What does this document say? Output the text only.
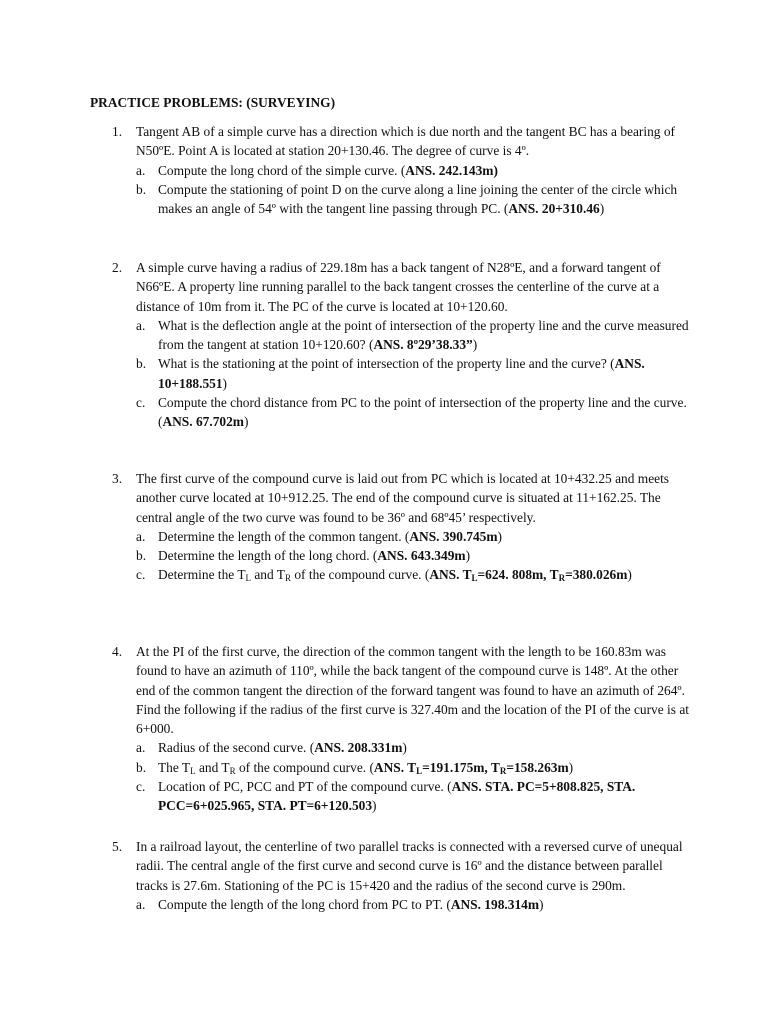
PRACTICE PROBLEMS: (SURVEYING)
1.	Tangent AB of a simple curve has a direction which is due north and the tangent BC has a bearing of N50ºE. Point A is located at station 20+130.46. The degree of curve is 4º.
a. Compute the long chord of the simple curve. (ANS. 242.143m)
b. Compute the stationing of point D on the curve along a line joining the center of the circle which makes an angle of 54º with the tangent line passing through PC. (ANS. 20+310.46)
2.	A simple curve having a radius of 229.18m has a back tangent of N28ºE, and a forward tangent of N66ºE. A property line running parallel to the back tangent crosses the centerline of the curve at a distance of 10m from it. The PC of the curve is located at 10+120.60.
a. What is the deflection angle at the point of intersection of the property line and the curve measured from the tangent at station 10+120.60? (ANS. 8º29’38.33”)
b. What is the stationing at the point of intersection of the property line and the curve? (ANS. 10+188.551)
c. Compute the chord distance from PC to the point of intersection of the property line and the curve. (ANS. 67.702m)
3.	The first curve of the compound curve is laid out from PC which is located at 10+432.25 and meets another curve located at 10+912.25. The end of the compound curve is situated at 11+162.25. The central angle of the two curve was found to be 36º and 68º45’ respectively.
a. Determine the length of the common tangent. (ANS. 390.745m)
b. Determine the length of the long chord. (ANS. 643.349m)
c. Determine the $T_L$ and $T_R$ of the compound curve. (ANS. $T_L=624$. 808m, $T_R=380.026m$)
4.	At the PI of the first curve, the direction of the common tangent with the length to be 160.83m was found to have an azimuth of 110º, while the back tangent of the compound curve is 148º. At the other end of the common tangent the direction of the forward tangent was found to have an azimuth of 264º. Find the following if the radius of the first curve is 327.40m and the location of the PI of the curve is at 6+000.
a. Radius of the second curve. (ANS. 208.331m)
b. The $T_L$ and $T_R$ of the compound curve. (ANS. $T_L=191.175m$, $T_R=158.263m$)
c. Location of PC, PCC and PT of the compound curve. (ANS. STA. PC=5+808.825, STA. PCC=6+025.965, STA. PT=6+120.503)
5.	In a railroad layout, the centerline of two parallel tracks is connected with a reversed curve of unequal radii. The central angle of the first curve and second curve is 16º and the distance between parallel tracks is 27.6m. Stationing of the PC is 15+420 and the radius of the second curve is 290m.
a. Compute the length of the long chord from PC to PT. (ANS. 198.314m)
